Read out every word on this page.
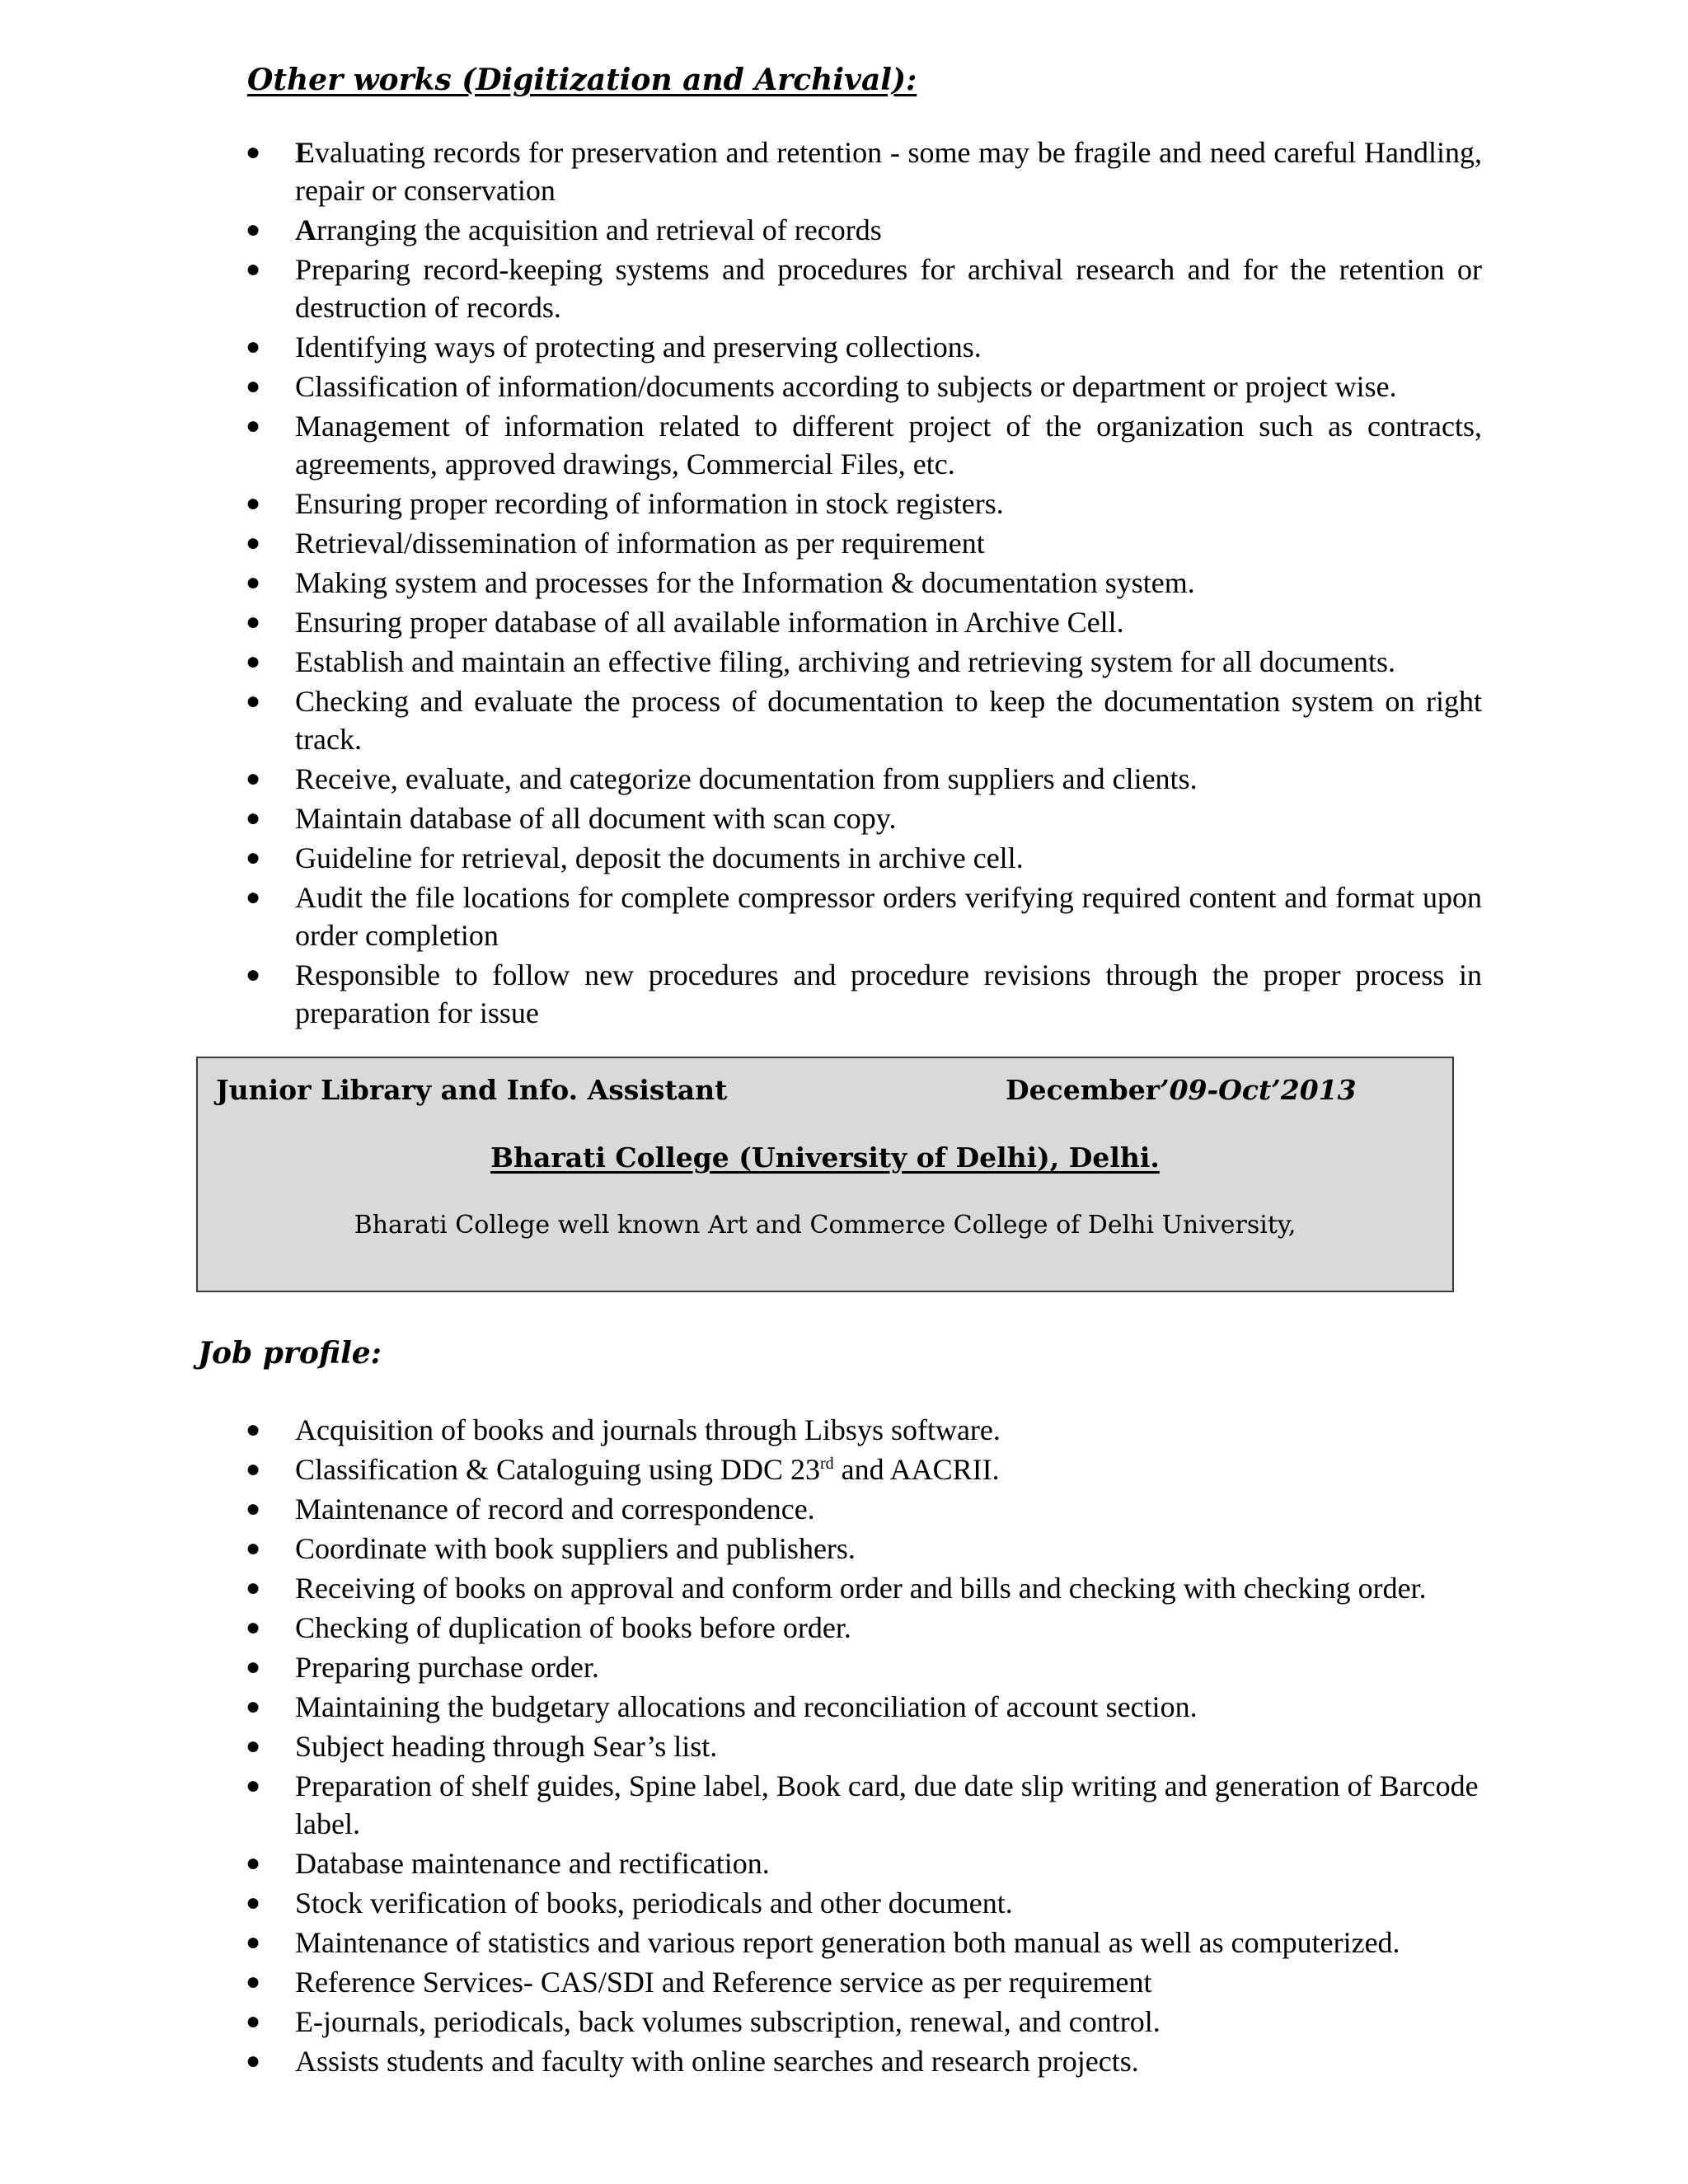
Other works (Digitization and Archival):
●	Evaluating records for preservation and retention - some may be fragile and need careful Handling, repair or conservation
●	Arranging the acquisition and retrieval of records
●	Preparing record-keeping systems and procedures for archival research and for the retention or destruction of records.
●	Identifying ways of protecting and preserving collections.
●	Classification of information/documents according to subjects or department or project wise.
●	Management of information related to different project of the organization such as contracts, agreements, approved drawings, Commercial Files, etc.
●	Ensuring proper recording of information in stock registers.
●	Retrieval/dissemination of information as per requirement
●	Making system and processes for the Information & documentation system.
●	Ensuring proper database of all available information in Archive Cell.
●	Establish and maintain an effective filing, archiving and retrieving system for all documents.
●	Checking and evaluate the process of documentation to keep the documentation system on right track.
●	Receive, evaluate, and categorize documentation from suppliers and clients.
●	Maintain database of all document with scan copy.
●	Guideline for retrieval, deposit the documents in archive cell.
●	Audit the file locations for complete compressor orders verifying required content and format upon order completion
●	Responsible to follow new procedures and procedure revisions through the proper process in preparation for issue
Junior Library and Info. Assistant	December’09-Oct’2013
Bharati College (University of Delhi), Delhi.
Bharati College well known Art and Commerce College of Delhi University,
Job profile:
●	Acquisition of books and journals through Libsys software.
●	Classification & Cataloguing using DDC 23rd and AACRII.
●	Maintenance of record and correspondence.
●	Coordinate with book suppliers and publishers.
●	Receiving of books on approval and conform order and bills and checking with checking order.
●	Checking of duplication of books before order.
●	Preparing purchase order.
●	Maintaining the budgetary allocations and reconciliation of account section.
●	Subject heading through Sear’s list.
●	Preparation of shelf guides, Spine label, Book card, due date slip writing and generation of Barcode label.
●	Database maintenance and rectification.
●	Stock verification of books, periodicals and other document.
●	Maintenance of statistics and various report generation both manual as well as computerized.
●	Reference Services- CAS/SDI and Reference service as per requirement
●	E-journals, periodicals, back volumes subscription, renewal, and control.
●	Assists students and faculty with online searches and research projects.
